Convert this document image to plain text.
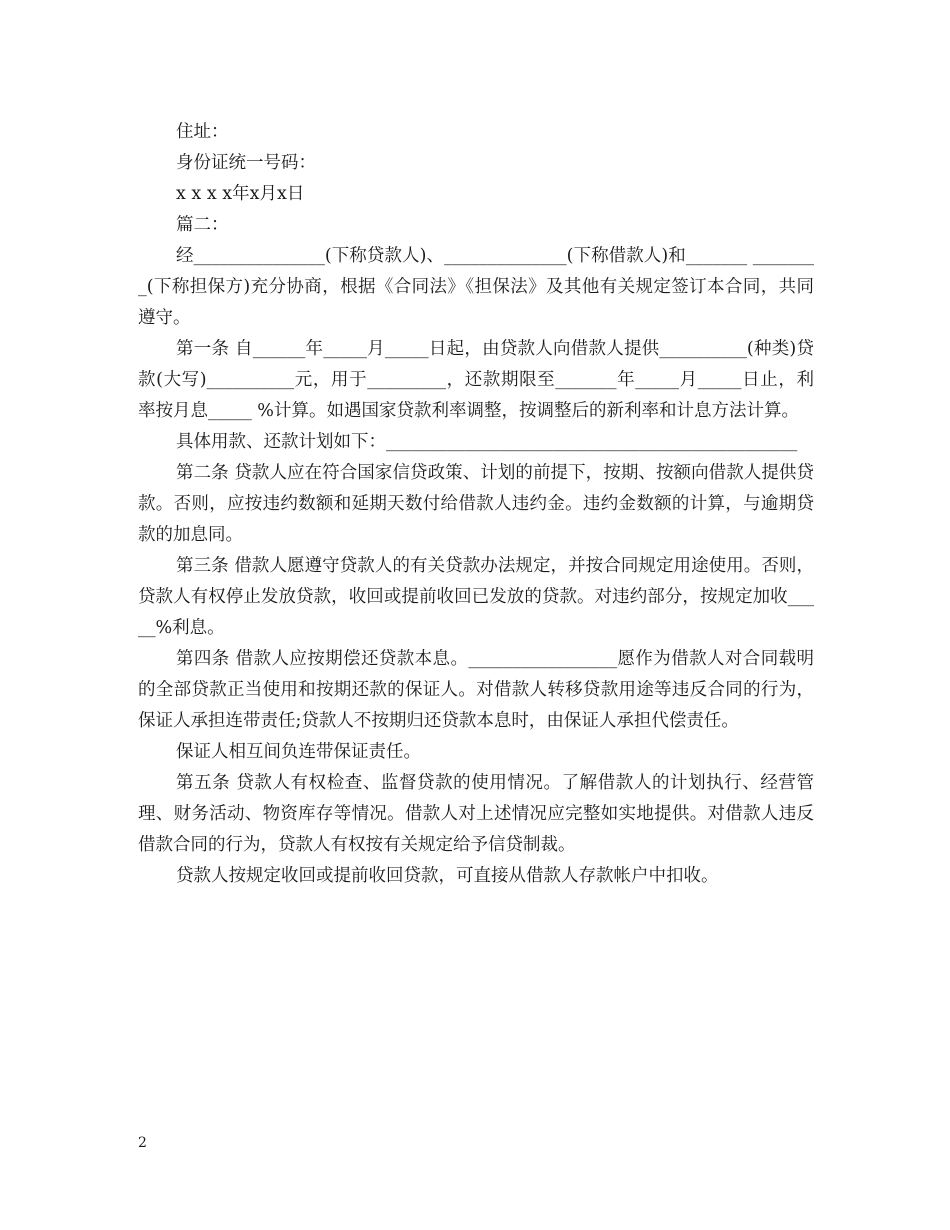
住址：

身份证统一号码：

x x x x年x月x日

篇二：

经_______________(下称贷款人)、______________(下称借款人)和_______ ________(下称担保方)充分协商，根据《合同法》《担保法》及其他有关规定签订本合同，共同遵守。

第一条 自______年_____月_____日起，由贷款人向借款人提供__________(种类)贷款(大写)__________元，用于_________，还款期限至_______年_____月_____日止，利率按月息_____ %计算。如遇国家贷款利率调整，按调整后的新利率和计息方法计算。

具体用款、还款计划如下：_______________________________________________

第二条 贷款人应在符合国家信贷政策、计划的前提下，按期、按额向借款人提供贷款。否则，应按违约数额和延期天数付给借款人违约金。违约金数额的计算，与逾期贷款的加息同。

第三条 借款人愿遵守贷款人的有关贷款办法规定，并按合同规定用途使用。否则，贷款人有权停止发放贷款，收回或提前收回已发放的贷款。对违约部分，按规定加收_____%利息。

第四条 借款人应按期偿还贷款本息。_________________愿作为借款人对合同载明的全部贷款正当使用和按期还款的保证人。对借款人转移贷款用途等违反合同的行为，保证人承担连带责任;贷款人不按期归还贷款本息时，由保证人承担代偿责任。

保证人相互间负连带保证责任。

第五条 贷款人有权检查、监督贷款的使用情况。了解借款人的计划执行、经营管理、财务活动、物资库存等情况。借款人对上述情况应完整如实地提供。对借款人违反借款合同的行为，贷款人有权按有关规定给予信贷制裁。

贷款人按规定收回或提前收回贷款，可直接从借款人存款帐户中扣收。

2
